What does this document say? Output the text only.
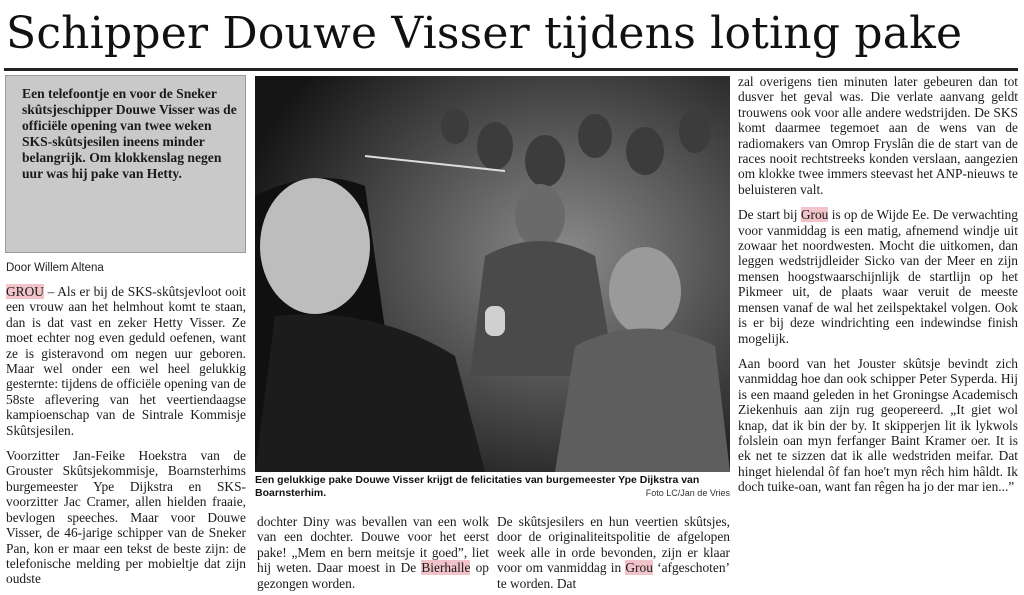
Schipper Douwe Visser tijdens loting pake
Een telefoontje en voor de Sneker skûtsjeschipper Douwe Visser was de officiële opening van twee weken SKS-skûtsjesilen ineens minder belangrijk. Om klokkenslag negen uur was hij pake van Hetty.
Door Willem Altena

GROU – Als er bij de SKS-skûtsjevloot ooit een vrouw aan het helmhout komt te staan, dan is dat vast en zeker Hetty Visser. Ze moet echter nog even geduld oefenen, want ze is gisteravond om negen uur geboren. Maar wel onder een wel heel gelukkig gesternte: tijdens de officiële opening van de 58ste aflevering van het veertiendaagse kampioenschap van de Sintrale Kommisje Skûtsjesilen.

Voorzitter Jan-Feike Hoekstra van de Grouster Skûtsjekommisje, Boarnsterhims burgemeester Ype Dijkstra en SKS-voorzitter Jac Cramer, allen hielden fraaie, bevlogen speeches. Maar voor Douwe Visser, de 46-jarige schipper van de Sneker Pan, kon er maar een tekst de beste zijn: de telefonische melding per mobieltje dat zijn oudste

Een gelukkige pake Douwe Visser krijgt de felicitaties van burgemeester Ype Dijkstra van Boarnsterhim.	Foto LC/Jan de Vries

dochter Diny was bevallen van een wolk van een dochter. Douwe voor het eerst pake! „Mem en bern meitsje it goed”, liet hij weten. Daar moest in De Bierhalle op gezongen worden.

De skûtsjesilers en hun veertien skûtsjes, door de originaliteitspolitie de afgelopen week alle in orde bevonden, zijn er klaar voor om vanmiddag in Grou ‘afgeschoten’ te worden. Dat

zal overigens tien minuten later gebeuren dan tot dusver het geval was. Die verlate aanvang geldt trouwens ook voor alle andere wedstrijden. De SKS komt daarmee tegemoet aan de wens van de radiomakers van Omrop Fryslân die de start van de races nooit rechtstreeks konden verslaan, aangezien om klokke twee immers steevast het ANP-nieuws te beluisteren valt.

De start bij Grou is op de Wijde Ee. De verwachting voor vanmiddag is een matig, afnemend windje uit zowaar het noordwesten. Mocht die uitkomen, dan leggen wedstrijdleider Sicko van der Meer en zijn mensen hoogstwaarschijnlijk de startlijn op het Pikmeer uit, de plaats waar veruit de meeste mensen vanaf de wal het zeilspektakel volgen. Ook is er bij deze windrichting een indewindse finish mogelijk.

Aan boord van het Jouster skûtsje bevindt zich vanmiddag hoe dan ook schipper Peter Syperda. Hij is een maand geleden in het Groningse Academisch Ziekenhuis aan zijn rug geopereerd. „It giet wol knap, dat ik bin der by. It skipperjen lit ik lykwols folslein oan myn ferfanger Baint Kramer oer. It is ek net te sizzen dat ik alle wedstriden meifar. Dat hinget hielendal ôf fan hoe't myn rêch him hâldt. Ik doch tuike-oan, want fan rêgen ha jo der mar ien...”
